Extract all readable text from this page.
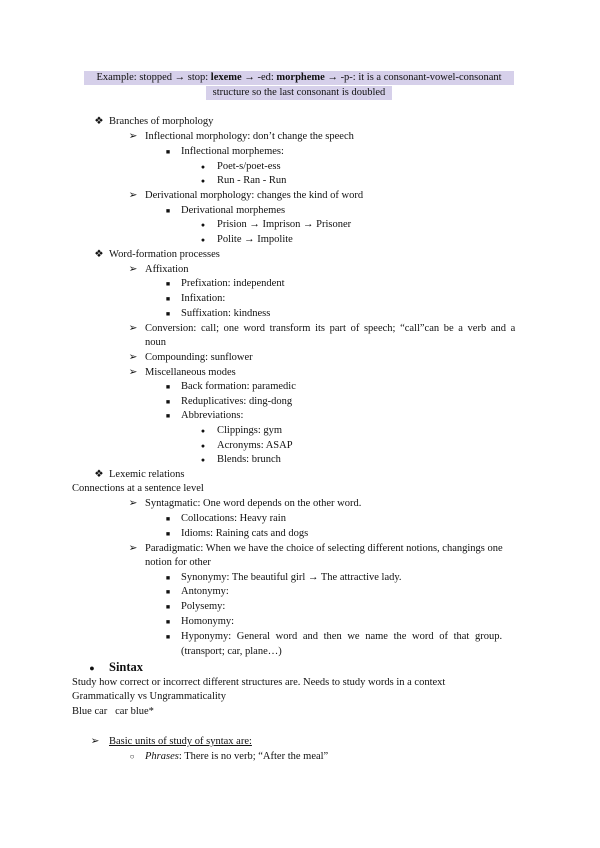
Example: stopped → stop: lexeme → -ed: morpheme → -p-: it is a consonant-vowel-consonant
structure so the last consonant is doubled
❖ Branches of morphology
➢ Inflectional morphology: don’t change the speech
■ Inflectional morphemes:
● Poet-s/poet-ess
● Run - Ran - Run
➢ Derivational morphology: changes the kind of word
■ Derivational morphemes
● Prision → Imprison → Prisoner
● Polite → Impolite
❖ Word-formation processes
➢ Affixation
■ Prefixation: independent
■ Infixation:
■ Suffixation: kindness
➢ Conversion: call; one word transform its part of speech; “call”can be a verb and a
noun
➢ Compounding: sunflower
➢ Miscellaneous modes
■ Back formation: paramedic
■ Reduplicatives: ding-dong
■ Abbreviations:
● Clippings: gym
● Acronyms: ASAP
● Blends: brunch
❖ Lexemic relations
Connections at a sentence level
➢ Syntagmatic: One word depends on the other word.
■ Collocations: Heavy rain
■ Idioms: Raining cats and dogs
➢ Paradigmatic: When we have the choice of selecting different notions, changings one
notion for other
■ Synonymy: The beautiful girl → The attractive lady.
■ Antonymy:
■ Polysemy:
■ Homonymy:
■ Hyponymy: General word and then we name the word of that group.
(transport; car, plane…)
● Sintax
Study how correct or incorrect different structures are. Needs to study words in a context
Grammatically vs Ungrammaticality
Blue car   car blue*
➢ Basic units of study of syntax are:
○	Phrases: There is no verb; “After the meal”
